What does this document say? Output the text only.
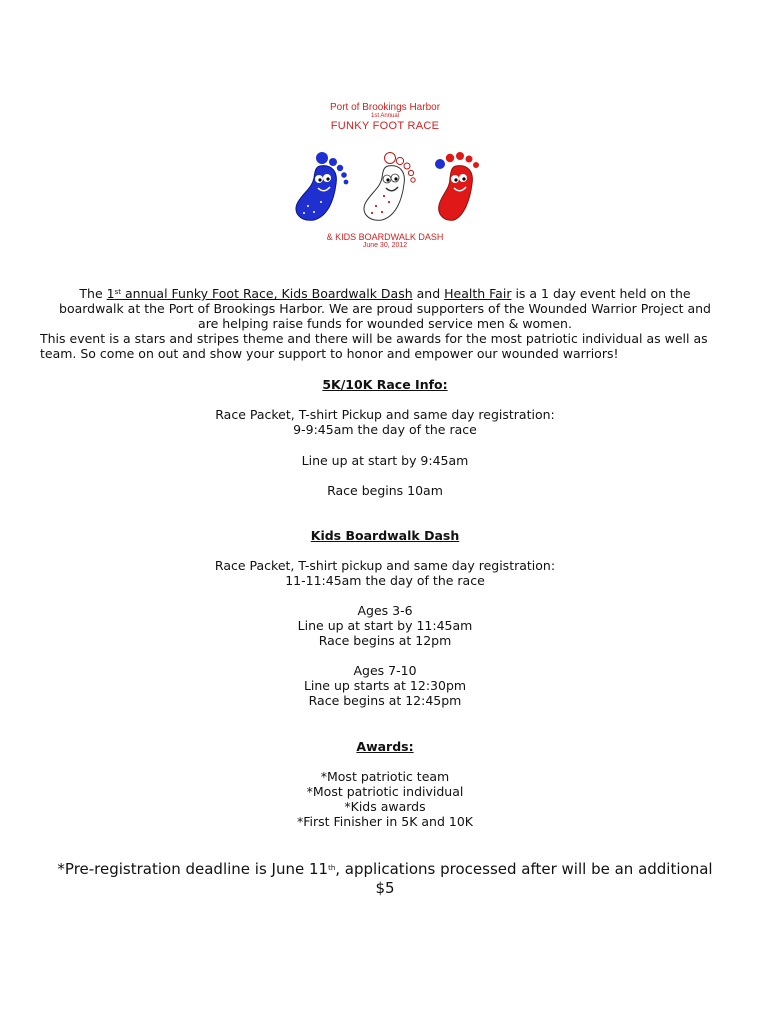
Port of Brookings Harbor
1st Annual
FUNKY FOOT RACE
& KIDS BOARDWALK DASH
June 30, 2012
The 1st annual Funky Foot Race, Kids Boardwalk Dash and Health Fair is a 1 day event held on the
boardwalk at the Port of Brookings Harbor. We are proud supporters of the Wounded Warrior Project and
are helping raise funds for wounded service men & women.
This event is a stars and stripes theme and there will be awards for the most patriotic individual as well as
team. So come on out and show your support to honor and empower our wounded warriors!
5K/10K Race Info:
Race Packet, T-shirt Pickup and same day registration:
9-9:45am the day of the race
Line up at start by 9:45am
Race begins 10am
Kids Boardwalk Dash
Race Packet, T-shirt pickup and same day registration:
11-11:45am the day of the race
Ages 3-6
Line up at start by 11:45am
Race begins at 12pm
Ages 7-10
Line up starts at 12:30pm
Race begins at 12:45pm
Awards:
*Most patriotic team
*Most patriotic individual
*Kids awards
*First Finisher in 5K and 10K
*Pre-registration deadline is June 11th, applications processed after will be an additional
$5
